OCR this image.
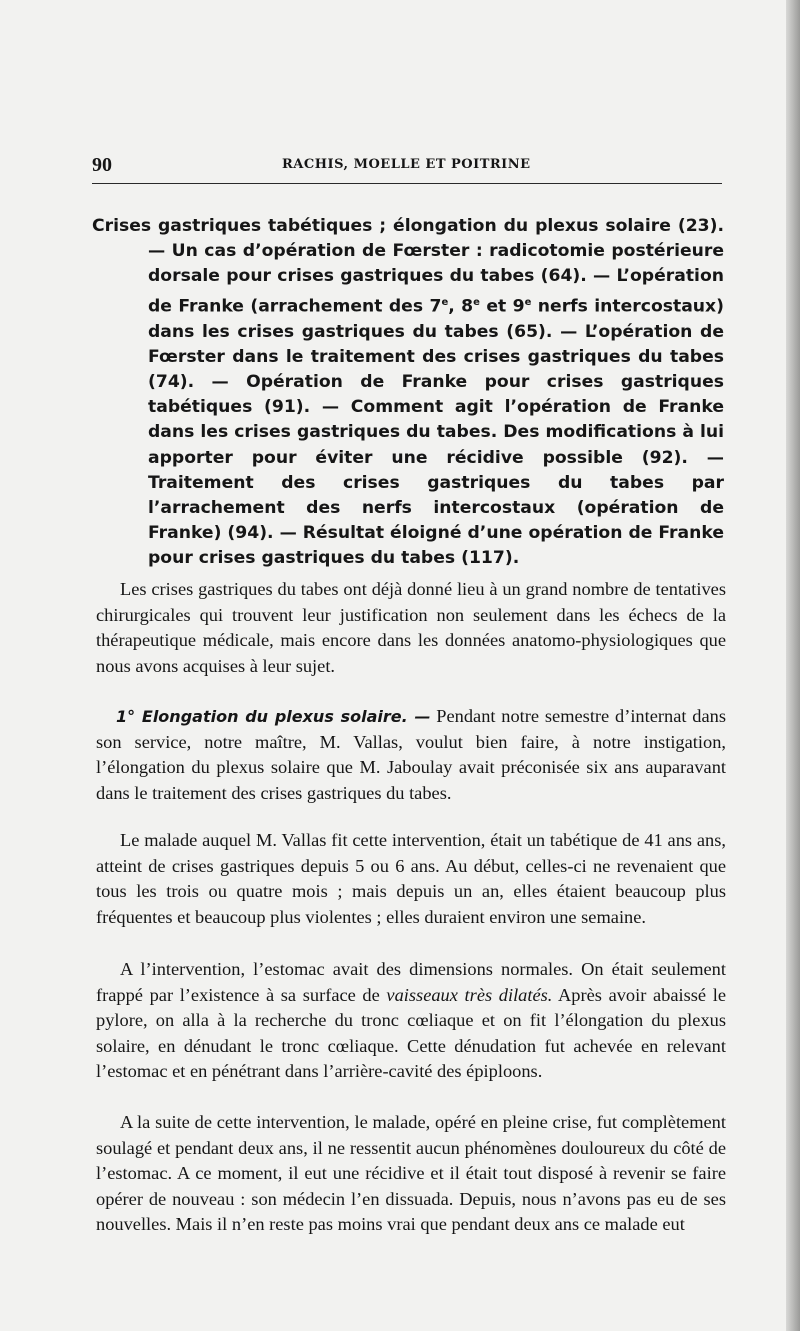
90	RACHIS, MOELLE ET POITRINE
Crises gastriques tabétiques ; élongation du plexus solaire (23). — Un cas d’opération de Fœrster : radicotomie postérieure dorsale pour crises gastriques du tabes (64). — L’opération de Franke (arrachement des 7e, 8e et 9e nerfs intercostaux) dans les crises gastriques du tabes (65). — L’opération de Fœrster dans le traitement des crises gastriques du tabes (74). — Opération de Franke pour crises gastriques tabétiques (91). — Comment agit l’opération de Franke dans les crises gastriques du tabes. Des modifications à lui apporter pour éviter une récidive possible (92). — Traitement des crises gastriques du tabes par l’arrachement des nerfs intercostaux (opération de Franke) (94). — Résultat éloigné d’une opération de Franke pour crises gastriques du tabes (117).

Les crises gastriques du tabes ont déjà donné lieu à un grand nombre de tentatives chirurgicales qui trouvent leur justification non seulement dans les échecs de la thérapeutique médicale, mais encore dans les données anatomo-physiologiques que nous avons acquises à leur sujet.

1° Elongation du plexus solaire. — Pendant notre semestre d’internat dans son service, notre maître, M. Vallas, voulut bien faire, à notre instigation, l’élongation du plexus solaire que M. Jaboulay avait préconisée six ans auparavant dans le traitement des crises gastriques du tabes.

Le malade auquel M. Vallas fit cette intervention, était un tabétique de 41 ans ans, atteint de crises gastriques depuis 5 ou 6 ans. Au début, celles-ci ne revenaient que tous les trois ou quatre mois ; mais depuis un an, elles étaient beaucoup plus fréquentes et beaucoup plus violentes ; elles duraient environ une semaine.

A l’intervention, l’estomac avait des dimensions normales. On était seulement frappé par l’existence à sa surface de vaisseaux très dilatés. Après avoir abaissé le pylore, on alla à la recherche du tronc cœliaque et on fit l’élongation du plexus solaire, en dénudant le tronc cœliaque. Cette dénudation fut achevée en relevant l’estomac et en pénétrant dans l’arrière-cavité des épiploons.

A la suite de cette intervention, le malade, opéré en pleine crise, fut complètement soulagé et pendant deux ans, il ne ressentit aucun phénomènes douloureux du côté de l’estomac. A ce moment, il eut une récidive et il était tout disposé à revenir se faire opérer de nouveau : son médecin l’en dissuada. Depuis, nous n’avons pas eu de ses nouvelles. Mais il n’en reste pas moins vrai que pendant deux ans ce malade eut
